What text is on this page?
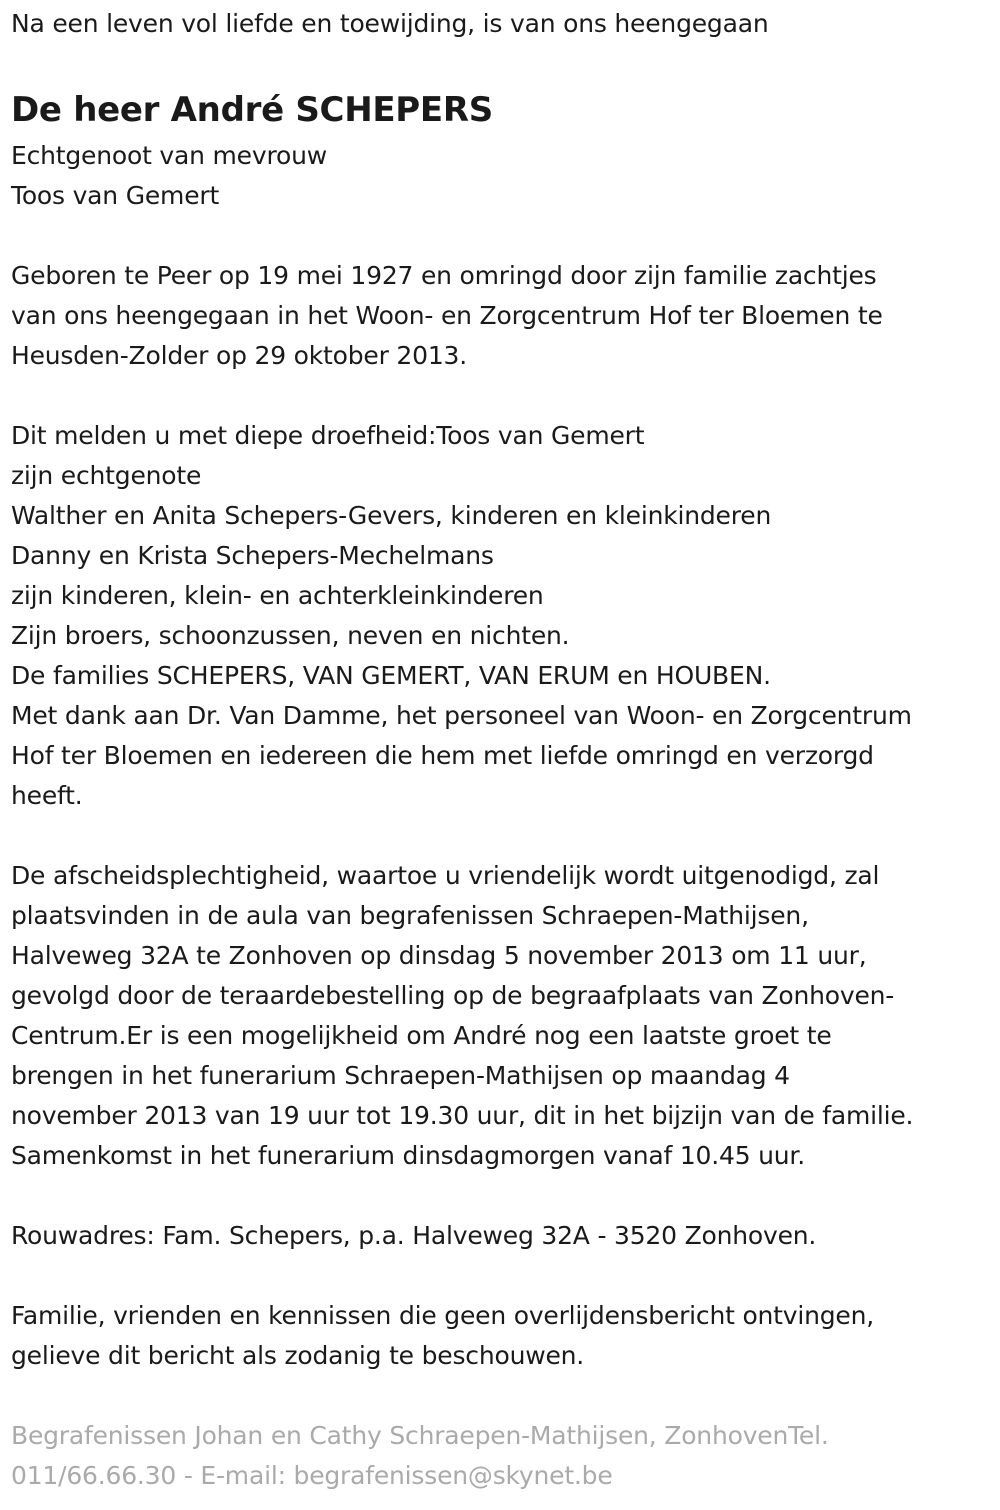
Na een leven vol liefde en toewijding, is van ons heengegaan
De heer André SCHEPERS
Echtgenoot van mevrouw
Toos van Gemert
Geboren te Peer op 19 mei 1927 en omringd door zijn familie zachtjes
van ons heengegaan in het Woon- en Zorgcentrum Hof ter Bloemen te
Heusden-Zolder op 29 oktober 2013.
Dit melden u met diepe droefheid:Toos van Gemert
zijn echtgenote
Walther en Anita Schepers-Gevers, kinderen en kleinkinderen
Danny en Krista Schepers-Mechelmans
zijn kinderen, klein- en achterkleinkinderen
Zijn broers, schoonzussen, neven en nichten.
De families SCHEPERS, VAN GEMERT, VAN ERUM en HOUBEN.
Met dank aan Dr. Van Damme, het personeel van Woon- en Zorgcentrum
Hof ter Bloemen en iedereen die hem met liefde omringd en verzorgd
heeft.
De afscheidsplechtigheid, waartoe u vriendelijk wordt uitgenodigd, zal
plaatsvinden in de aula van begrafenissen Schraepen-Mathijsen,
Halveweg 32A te Zonhoven op dinsdag 5 november 2013 om 11 uur,
gevolgd door de teraardebestelling op de begraafplaats van Zonhoven-
Centrum.Er is een mogelijkheid om André nog een laatste groet te
brengen in het funerarium Schraepen-Mathijsen op maandag 4
november 2013 van 19 uur tot 19.30 uur, dit in het bijzijn van de familie.
Samenkomst in het funerarium dinsdagmorgen vanaf 10.45 uur.
Rouwadres: Fam. Schepers, p.a. Halveweg 32A - 3520 Zonhoven.
Familie, vrienden en kennissen die geen overlijdensbericht ontvingen,
gelieve dit bericht als zodanig te beschouwen.
Begrafenissen Johan en Cathy Schraepen-Mathijsen, ZonhovenTel.
011/66.66.30 - E-mail: begrafenissen@skynet.be
